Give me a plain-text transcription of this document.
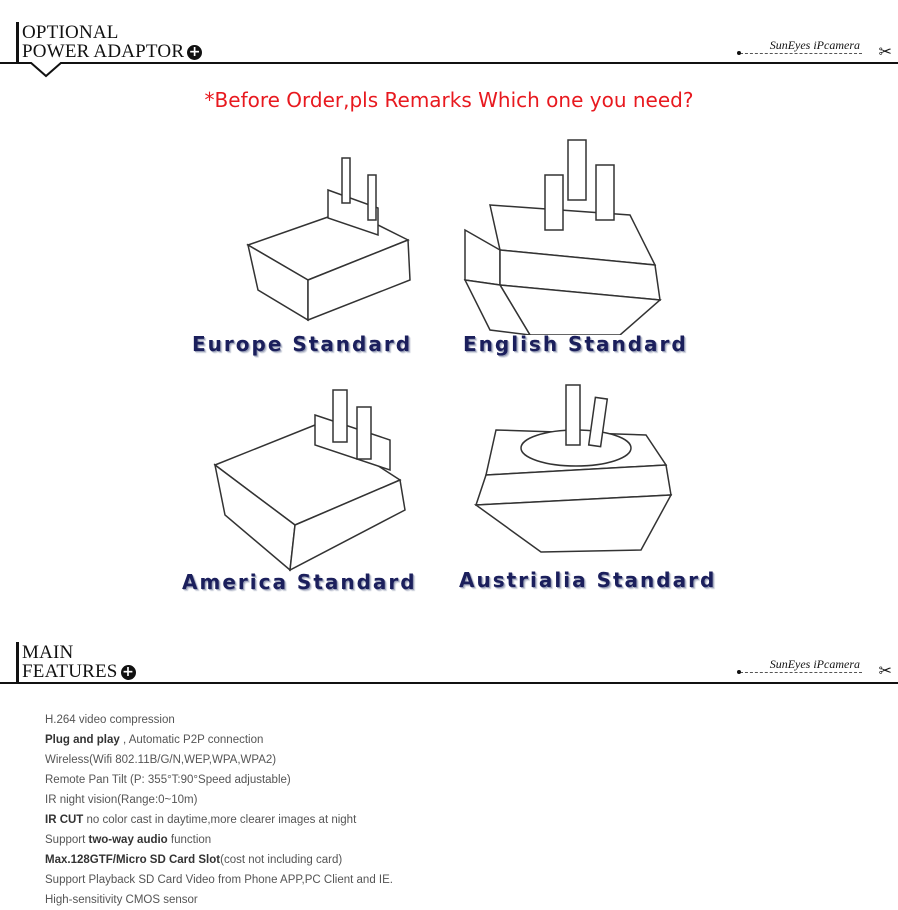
OPTIONAL
POWER ADAPTOR +	SunEyes iPcamera ✂
*Before Order,pls Remarks Which one you need?
Europe Standard	English Standard
America Standard Austrialia Standard
MAIN
FEATURES +	SunEyes iPcamera ✂
H.264 video compression
Plug and play , Automatic P2P connection
Wireless(Wifi 802.11B/G/N,WEP,WPA,WPA2)
Remote Pan Tilt (P: 355°T:90°Speed adjustable)
IR night vision(Range:0~10m)
IR CUT no color cast in daytime,more clearer images at night
Support two-way audio function
Max.128GTF/Micro SD Card Slot(cost not including card)
Support Playback SD Card Video from Phone APP,PC Client and IE.
High-sensitivity CMOS sensor
